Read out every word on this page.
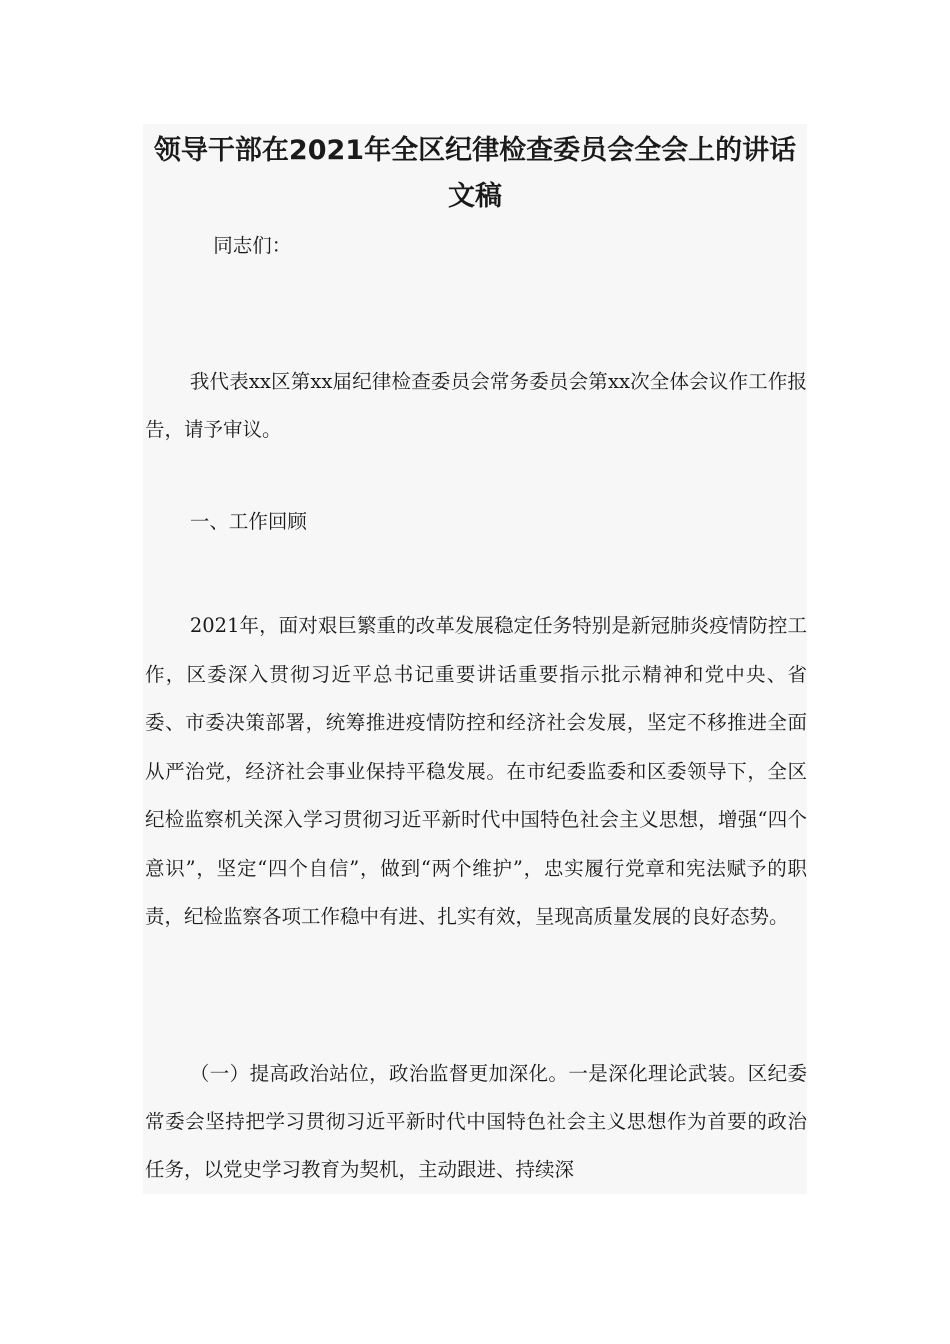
领导干部在2021年全区纪律检查委员会全会上的讲话文稿

同志们：

我代表xx区第xx届纪律检查委员会常务委员会第xx次全体会议作工作报告，请予审议。

一、工作回顾

2021年，面对艰巨繁重的改革发展稳定任务特别是新冠肺炎疫情防控工作，区委深入贯彻习近平总书记重要讲话重要指示批示精神和党中央、省委、市委决策部署，统筹推进疫情防控和经济社会发展，坚定不移推进全面从严治党，经济社会事业保持平稳发展。在市纪委监委和区委领导下，全区纪检监察机关深入学习贯彻习近平新时代中国特色社会主义思想，增强“四个意识”，坚定“四个自信”，做到“两个维护”，忠实履行党章和宪法赋予的职责，纪检监察各项工作稳中有进、扎实有效，呈现高质量发展的良好态势。

（一）提高政治站位，政治监督更加深化。一是深化理论武装。区纪委常委会坚持把学习贯彻习近平新时代中国特色社会主义思想作为首要的政治任务，以党史学习教育为契机，主动跟进、持续深
